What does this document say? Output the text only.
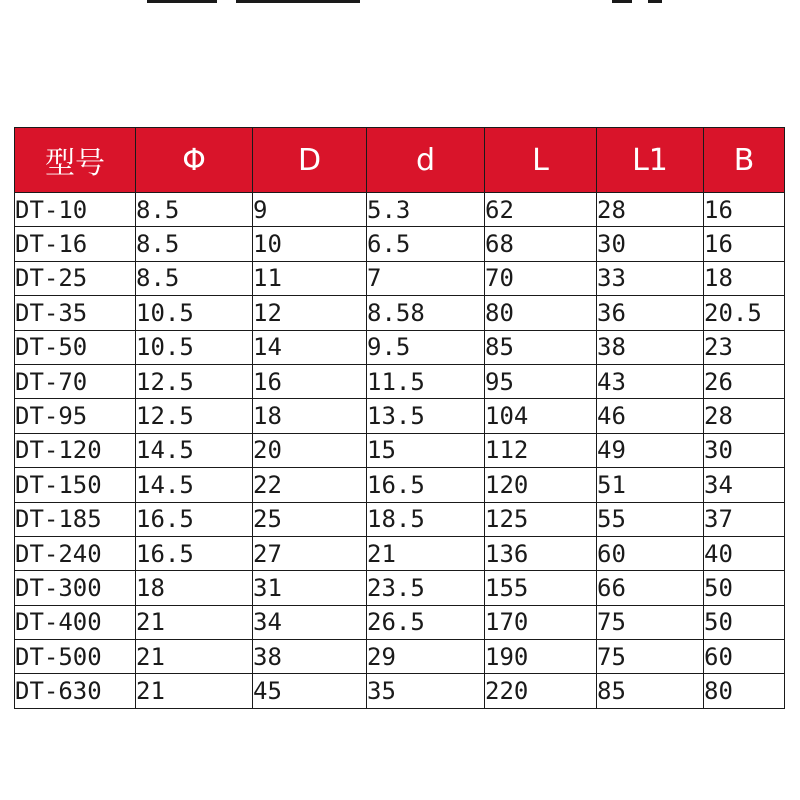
型号	Φ	D	d	L	L1	B
DT-10	8.5	9	5.3	62	28	16
DT-16	8.5	10	6.5	68	30	16
DT-25	8.5	11	7	70	33	18
DT-35	10.5	12	8.58	80	36	20.5
DT-50	10.5	14	9.5	85	38	23
DT-70	12.5	16	11.5	95	43	26
DT-95	12.5	18	13.5	104	46	28
DT-120	14.5	20	15	112	49	30
DT-150	14.5	22	16.5	120	51	34
DT-185	16.5	25	18.5	125	55	37
DT-240	16.5	27	21	136	60	40
DT-300	18	31	23.5	155	66	50
DT-400	21	34	26.5	170	75	50
DT-500	21	38	29	190	75	60
DT-630	21	45	35	220	85	80
